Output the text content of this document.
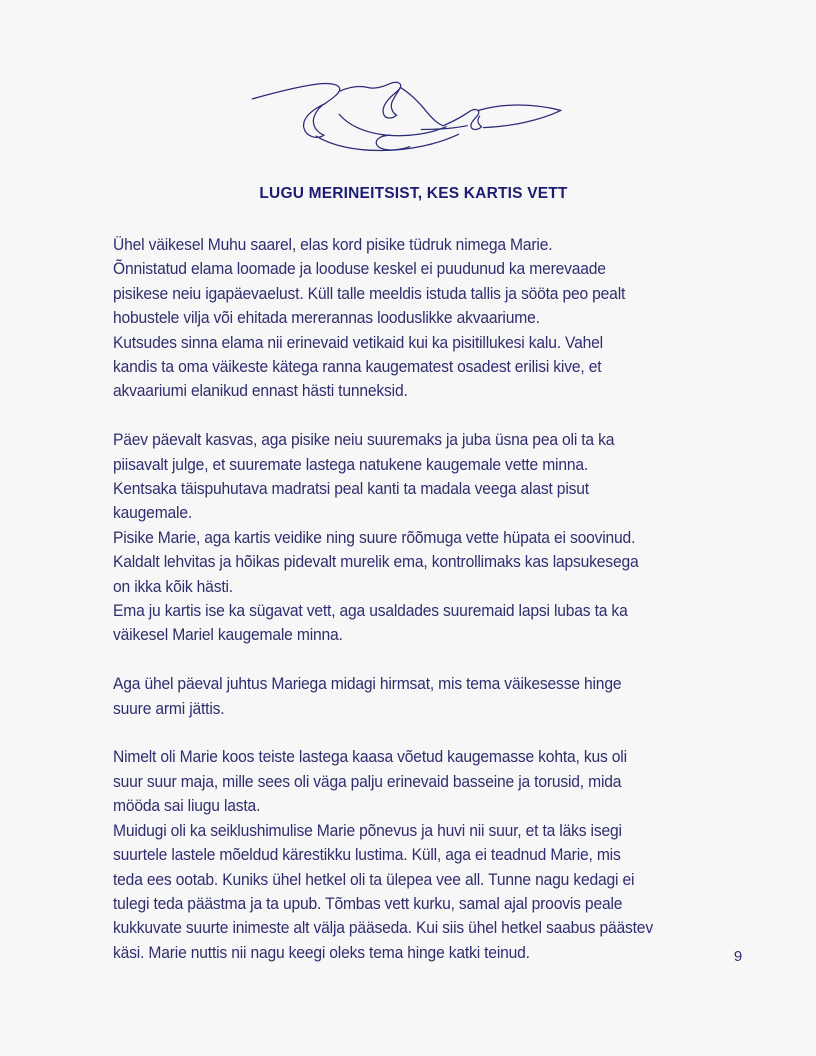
LUGU MERINEITSIST, KES KARTIS VETT
Ühel väikesel Muhu saarel, elas kord pisike tüdruk nimega Marie.
Õnnistatud elama loomade ja looduse keskel ei puudunud ka merevaade
pisikese neiu igapäevaelust. Küll talle meeldis istuda tallis ja sööta peo pealt
hobustele vilja või ehitada mererannas looduslikke akvaariume.
Kutsudes sinna elama nii erinevaid vetikaid kui ka pisitillukesi kalu. Vahel
kandis ta oma väikeste kätega ranna kaugematest osadest erilisi kive, et
akvaariumi elanikud ennast hästi tunneksid.
Päev päevalt kasvas, aga pisike neiu suuremaks ja juba üsna pea oli ta ka
piisavalt julge, et suuremate lastega natukene kaugemale vette minna.
Kentsaka täispuhutava madratsi peal kanti ta madala veega alast pisut
kaugemale.
Pisike Marie, aga kartis veidike ning suure rõõmuga vette hüpata ei soovinud.
Kaldalt lehvitas ja hõikas pidevalt murelik ema, kontrollimaks kas lapsukesega
on ikka kõik hästi.
Ema ju kartis ise ka sügavat vett, aga usaldades suuremaid lapsi lubas ta ka
väikesel Mariel kaugemale minna.
Aga ühel päeval juhtus Mariega midagi hirmsat, mis tema väikesesse hinge
suure armi jättis.
Nimelt oli Marie koos teiste lastega kaasa võetud kaugemasse kohta, kus oli
suur suur maja, mille sees oli väga palju erinevaid basseine ja torusid, mida
mööda sai liugu lasta.
Muidugi oli ka seiklushimulise Marie põnevus ja huvi nii suur, et ta läks isegi
suurtele lastele mõeldud kärestikku lustima. Küll, aga ei teadnud Marie, mis
teda ees ootab. Kuniks ühel hetkel oli ta ülepea vee all. Tunne nagu kedagi ei
tulegi teda päästma ja ta upub. Tõmbas vett kurku, samal ajal proovis peale
kukkuvate suurte inimeste alt välja pääseda. Kui siis ühel hetkel saabus päästev
käsi. Marie nuttis nii nagu keegi oleks tema hinge katki teinud.	9
